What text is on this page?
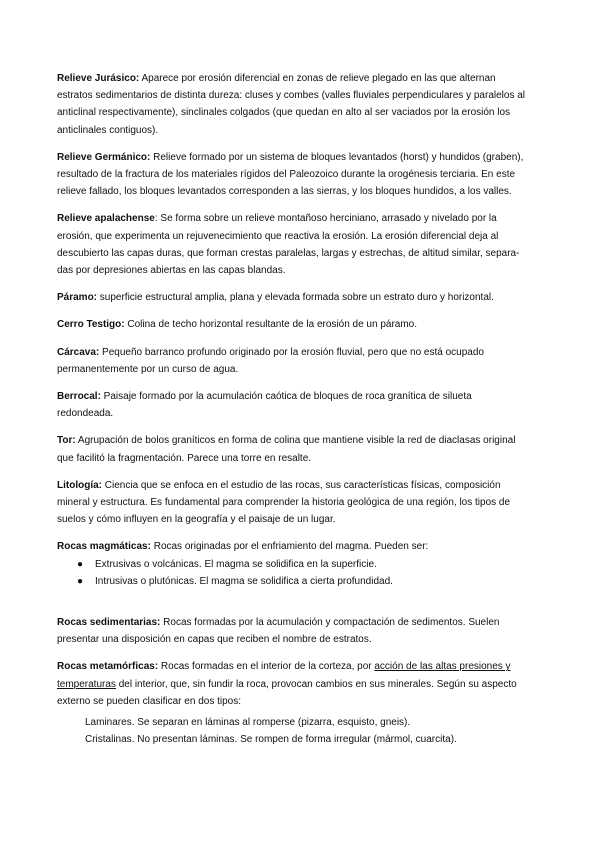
Relieve Jurásico: Aparece por erosión diferencial en zonas de relieve plegado en las que alternan estratos sedimentarios de distinta dureza: cluses y combes (valles fluviales perpendiculares y paralelos al anticlinal respectivamente), sinclinales colgados (que quedan en alto al ser vaciados por la erosión los anticlinales contiguos).

Relieve Germánico: Relieve formado por un sistema de bloques levantados (horst) y hundidos (graben), resultado de la fractura de los materiales rígidos del Paleozoico durante la orogénesis terciaria. En este relieve fallado, los bloques levantados corresponden a las sierras, y los bloques hundidos, a los valles.

Relieve apalachense: Se forma sobre un relieve montañoso herciniano, arrasado y nivelado por la erosión, que experimenta un rejuvenecimiento que reactiva la erosión. La erosión diferencial deja al descubierto las capas duras, que forman crestas paralelas, largas y estrechas, de altitud similar, separa- das por depresiones abiertas en las capas blandas.

Páramo: superficie estructural amplia, plana y elevada formada sobre un estrato duro y horizontal.

Cerro Testigo: Colina de techo horizontal resultante de la erosión de un páramo.

Cárcava: Pequeño barranco profundo originado por la erosión fluvial, pero que no está ocupado permanentemente por un curso de agua.

Berrocal: Paisaje formado por la acumulación caótica de bloques de roca granítica de silueta redondeada.

Tor: Agrupación de bolos graníticos en forma de colina que mantiene visible la red de diaclasas original que facilitó la fragmentación. Parece una torre en resalte.

Litología: Ciencia que se enfoca en el estudio de las rocas, sus características físicas, composición mineral y estructura. Es fundamental para comprender la historia geológica de una región, los tipos de suelos y cómo influyen en la geografía y el paisaje de un lugar.

Rocas magmáticas: Rocas originadas por el enfriamiento del magma. Pueden ser:

● Extrusivas o volcánicas. El magma se solidifica en la superficie.
● Intrusivas o plutónicas. El magma se solidifica a cierta profundidad.

Rocas sedimentarias: Rocas formadas por la acumulación y compactación de sedimentos. Suelen presentar una disposición en capas que reciben el nombre de estratos.

Rocas metamórficas: Rocas formadas en el interior de la corteza, por acción de las altas presiones y temperaturas del interior, que, sin fundir la roca, provocan cambios en sus minerales. Según su aspecto externo se pueden clasificar en dos tipos:

Laminares. Se separan en láminas al romperse (pizarra, esquisto, gneis).
Cristalinas. No presentan láminas. Se rompen de forma irregular (mármol, cuarcita).
